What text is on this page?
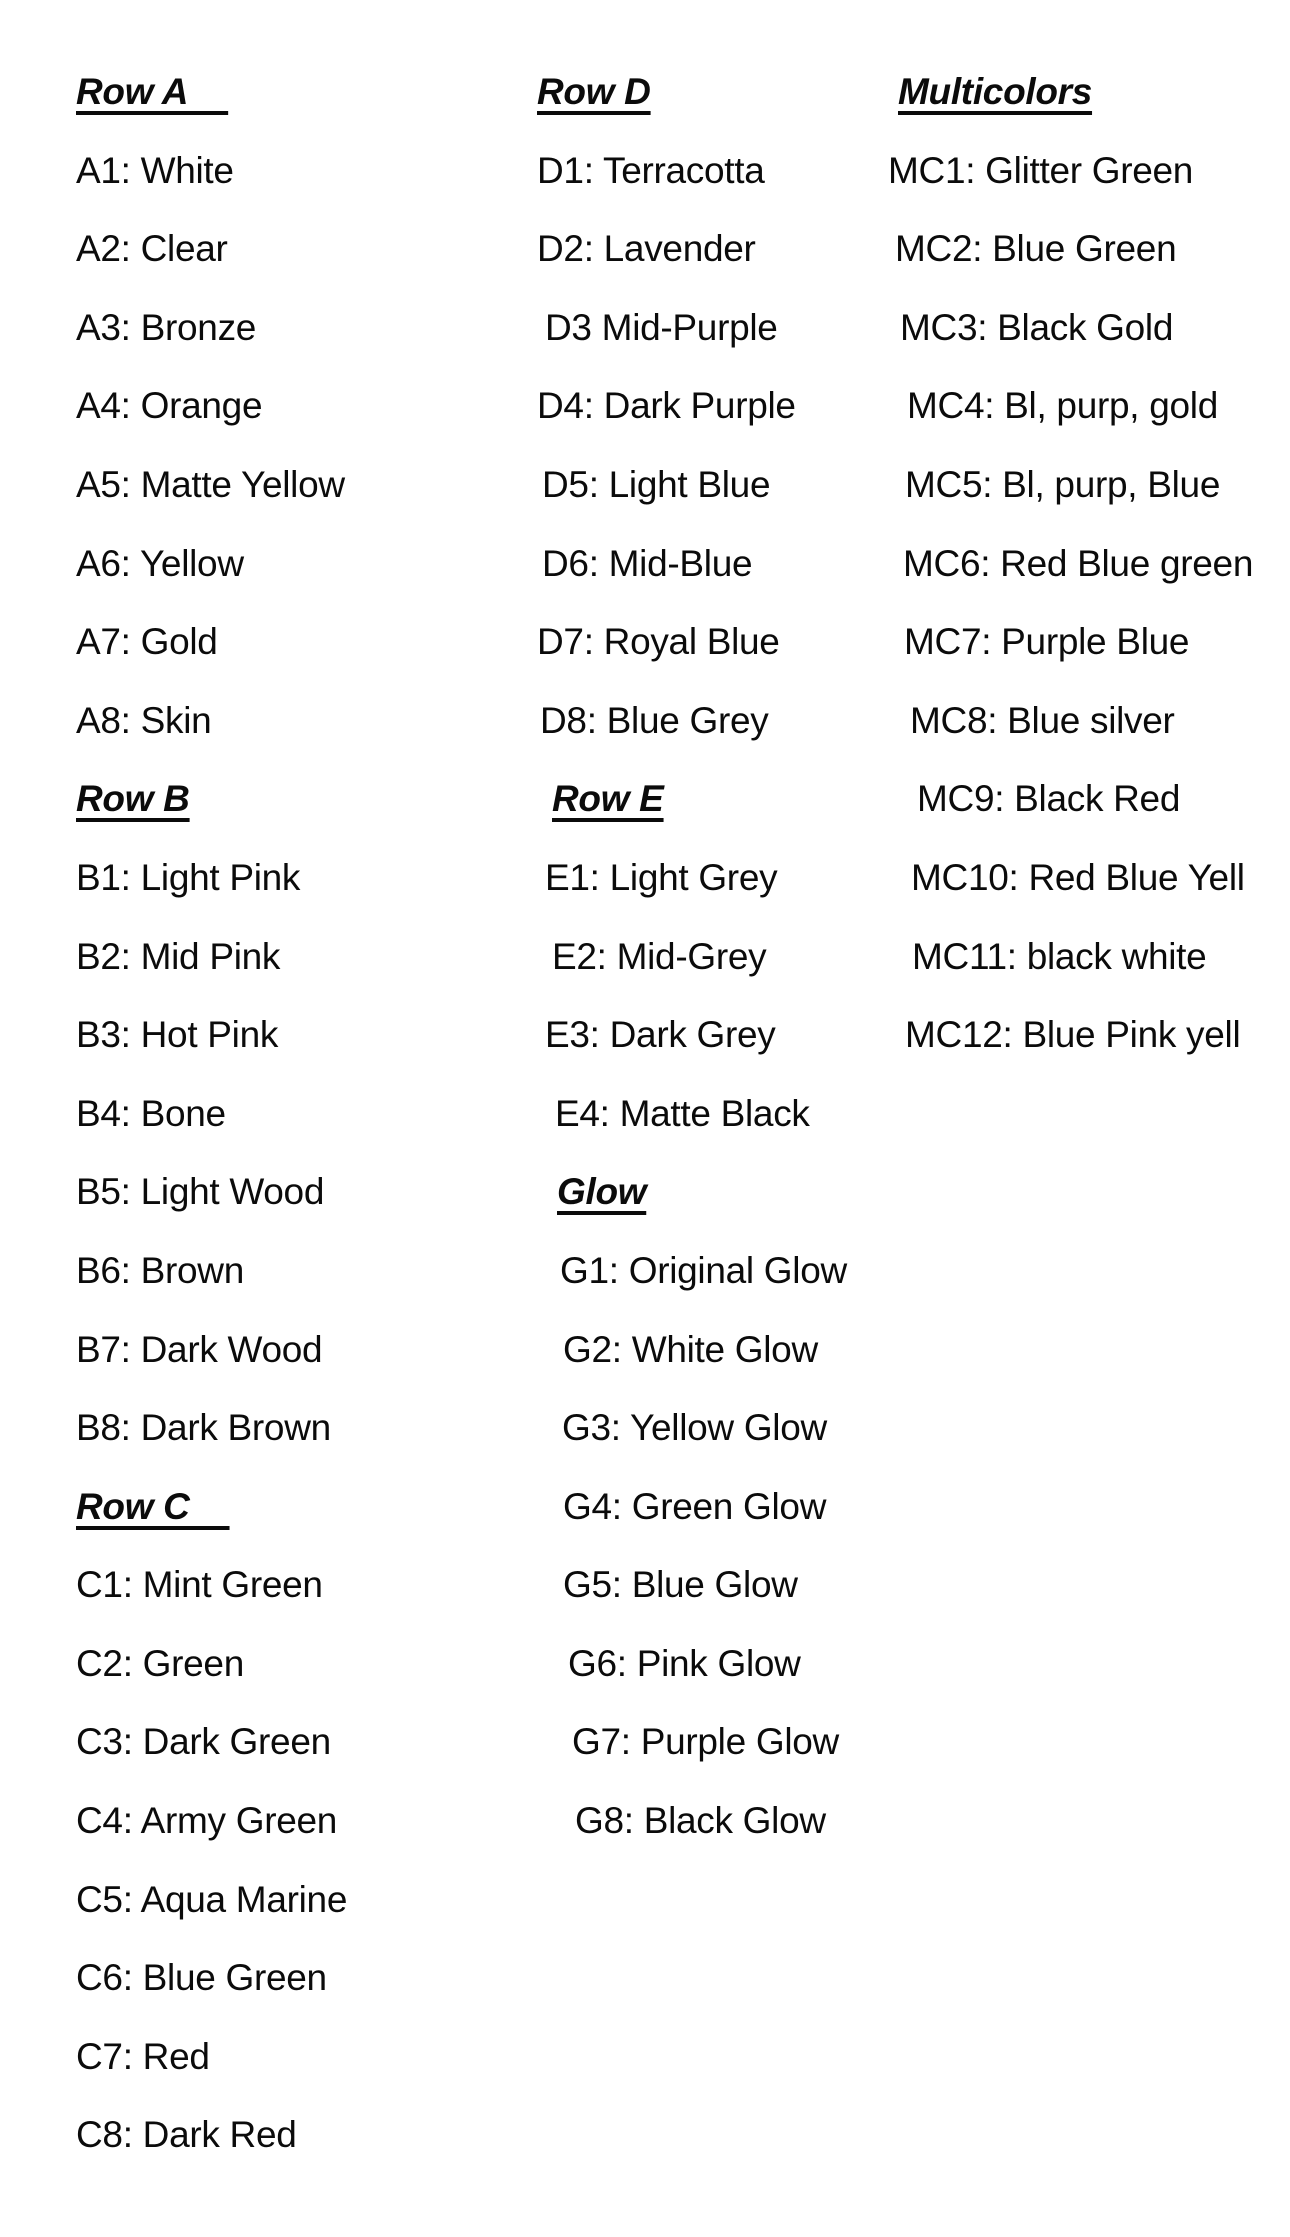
Row A
A1: White
A2: Clear
A3: Bronze
A4: Orange
A5: Matte Yellow
A6: Yellow
A7: Gold
A8: Skin
Row B
B1: Light Pink
B2: Mid Pink
B3: Hot Pink
B4: Bone
B5: Light Wood
B6: Brown
B7: Dark Wood
B8: Dark Brown
Row C
C1: Mint Green
C2: Green
C3: Dark Green
C4: Army Green
C5: Aqua Marine
C6: Blue Green
C7: Red
C8: Dark Red
Row D
D1: Terracotta
D2: Lavender
D3 Mid-Purple
D4: Dark Purple
D5: Light Blue
D6: Mid-Blue
D7: Royal Blue
D8: Blue Grey
Row E
E1: Light Grey
E2: Mid-Grey
E3: Dark Grey
E4: Matte Black
Glow
G1: Original Glow
G2: White Glow
G3: Yellow Glow
G4: Green Glow
G5: Blue Glow
G6: Pink Glow
G7: Purple Glow
G8: Black Glow
Multicolors
MC1: Glitter Green
MC2: Blue Green
MC3: Black Gold
MC4: Bl, purp, gold
MC5: Bl, purp, Blue
MC6: Red Blue green
MC7: Purple Blue
MC8: Blue silver
MC9: Black Red
MC10: Red Blue Yell
MC11: black white
MC12: Blue Pink yell
